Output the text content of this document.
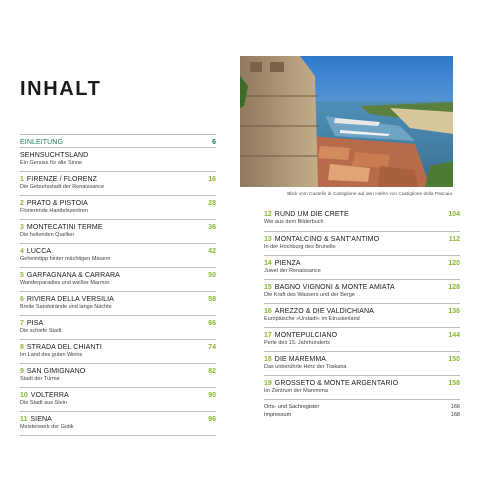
INHALT
EINLEITUNG	6
SEHNSUCHTSLAND
Ein Genuss für alle Sinne
1 FIRENZE / FLORENZ	16
Die Geburtsstadt der Renaissance
2 PRATO & PISTOIA	28
Florierende Handelszentren
3 MONTECATINI TERME	36
Die heilenden Quellen
4 LUCCA	42
Geheimtipp hinter mächtigen Mauern
5 GARFAGNANA & CARRARA	50
Wanderparadies und weißer Marmor
6 RIVIERA DELLA VERSILIA	58
Breite Sandstrände und lange Nächte
7 PISA	66
Die schiefe Stadt
8 STRADA DEL CHIANTI	74
Im Land des guten Weins
9 SAN GIMIGNANO	82
Stadt der Türme
10 VOLTERRA	90
Die Stadt aus Stein
11 SIENA	96
Meisterwerk der Gotik
Blick vom Castello di Castiglione auf den Hafen von Castiglione della Pescaia
12 RUND UM DIE CRETE	104
Wie aus dem Bilderbuch
13 MONTALCINO & SANT'ANTIMO	112
In der Hochburg des Brunello
14 PIENZA	120
Juwel der Renaissance
15 BAGNO VIGNONI & MONTE AMIATA	128
Die Kraft des Wassers und der Berge
16 AREZZO & DIE VALDICHIANA	136
Europäische »Urstadt« im Etruskerland
17 MONTEPULCIANO	144
Perle des 15. Jahrhunderts
18 DIE MAREMMA	150
Das unberührte Herz der Toskana
19 GROSSETO & MONTE ARGENTARIO	158
Im Zentrum der Maremma
Orts- und Sachregister	166
Impressum	168
